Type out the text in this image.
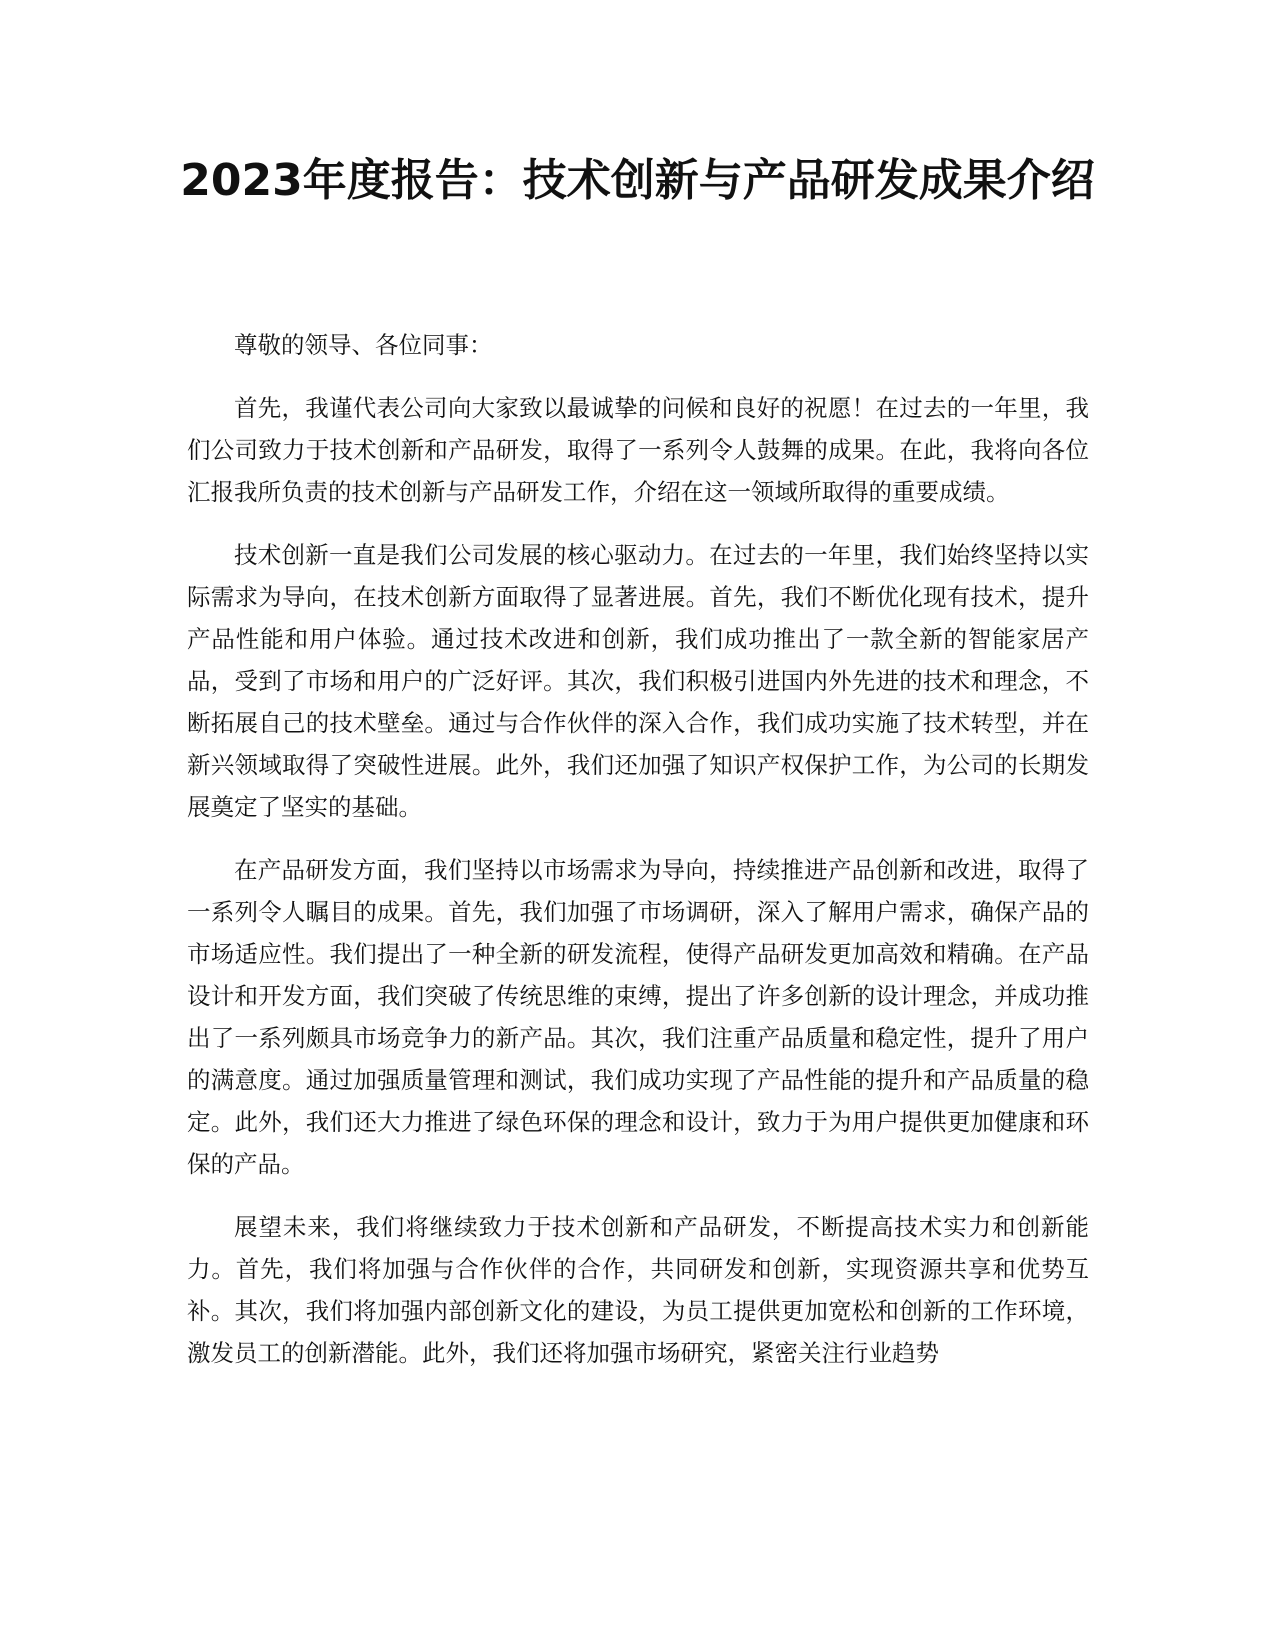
2023年度报告：技术创新与产品研发成果介绍

尊敬的领导、各位同事：

首先，我谨代表公司向大家致以最诚挚的问候和良好的祝愿！在过去的一年里，我们公司致力于技术创新和产品研发，取得了一系列令人鼓舞的成果。在此，我将向各位汇报我所负责的技术创新与产品研发工作，介绍在这一领域所取得的重要成绩。

技术创新一直是我们公司发展的核心驱动力。在过去的一年里，我们始终坚持以实际需求为导向，在技术创新方面取得了显著进展。首先，我们不断优化现有技术，提升产品性能和用户体验。通过技术改进和创新，我们成功推出了一款全新的智能家居产品，受到了市场和用户的广泛好评。其次，我们积极引进国内外先进的技术和理念，不断拓展自己的技术壁垒。通过与合作伙伴的深入合作，我们成功实施了技术转型，并在新兴领域取得了突破性进展。此外，我们还加强了知识产权保护工作，为公司的长期发展奠定了坚实的基础。

在产品研发方面，我们坚持以市场需求为导向，持续推进产品创新和改进，取得了一系列令人瞩目的成果。首先，我们加强了市场调研，深入了解用户需求，确保产品的市场适应性。我们提出了一种全新的研发流程，使得产品研发更加高效和精确。在产品设计和开发方面，我们突破了传统思维的束缚，提出了许多创新的设计理念，并成功推出了一系列颇具市场竞争力的新产品。其次，我们注重产品质量和稳定性，提升了用户的满意度。通过加强质量管理和测试，我们成功实现了产品性能的提升和产品质量的稳定。此外，我们还大力推进了绿色环保的理念和设计，致力于为用户提供更加健康和环保的产品。

展望未来，我们将继续致力于技术创新和产品研发，不断提高技术实力和创新能力。首先，我们将加强与合作伙伴的合作，共同研发和创新，实现资源共享和优势互补。其次，我们将加强内部创新文化的建设，为员工提供更加宽松和创新的工作环境，激发员工的创新潜能。此外，我们还将加强市场研究，紧密关注行业趋势
